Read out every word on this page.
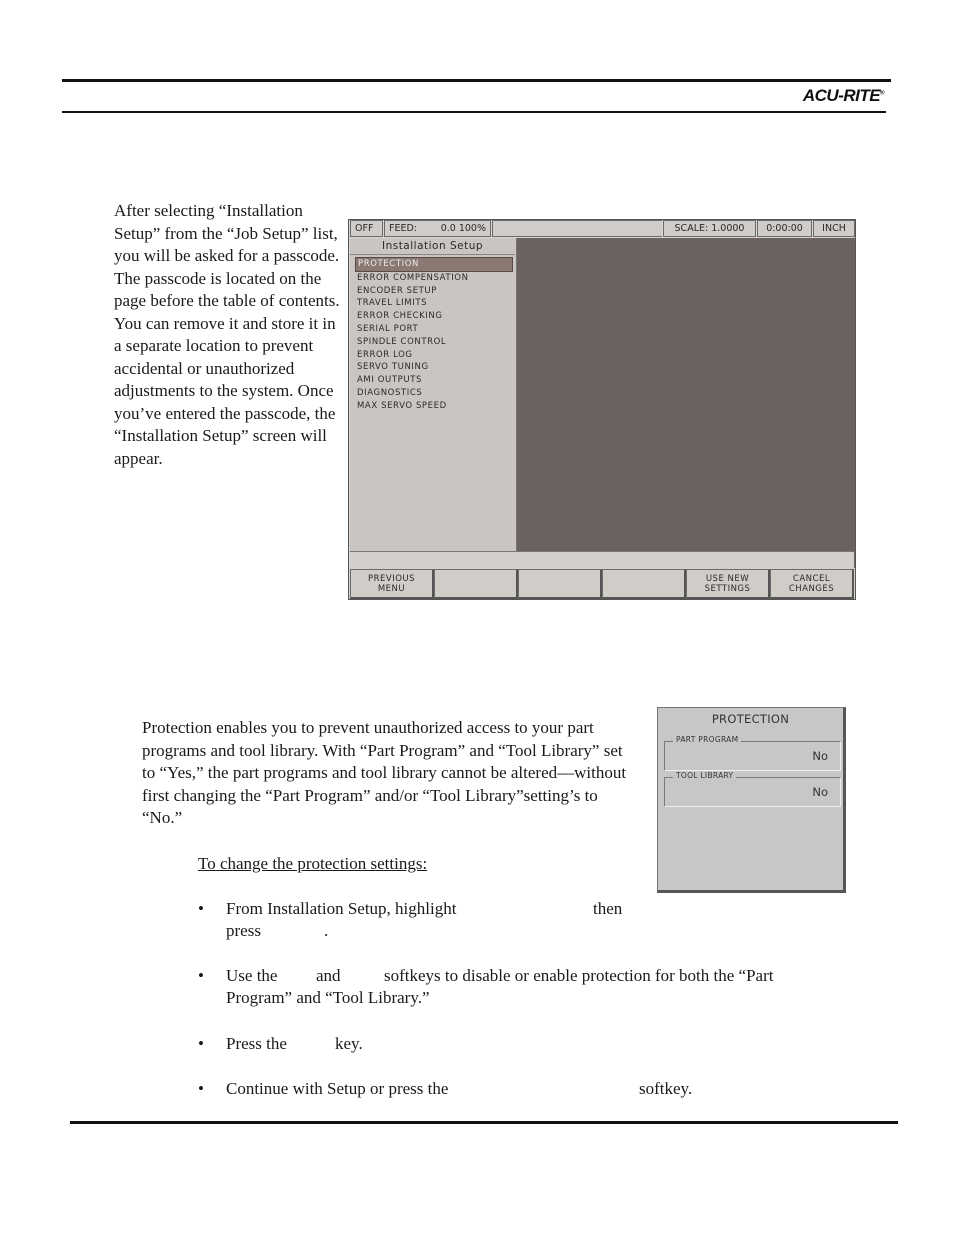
ACU-RITE®
After selecting “Installation Setup” from the “Job Setup” list, you will be asked for a passcode. The passcode is located on the page before the table of contents. You can remove it and store it in a separate location to prevent accidental or unauthorized adjustments to the system. Once you’ve entered the passcode, the “Installation Setup” screen will appear.
OFF	FEED: 0.0 100%	SCALE: 1.0000	0:00:00	INCH
Installation Setup
PROTECTION
ERROR COMPENSATION
ENCODER SETUP
TRAVEL LIMITS
ERROR CHECKING
SERIAL PORT
SPINDLE CONTROL
ERROR LOG
SERVO TUNING
AMI OUTPUTS
DIAGNOSTICS
MAX SERVO SPEED
PREVIOUS
MENU
USE NEW
SETTINGS
CANCEL
CHANGES
Protection enables you to prevent unauthorized access to your part programs and tool library. With “Part Program” and “Tool Library” set to “Yes,” the part programs and tool library cannot be altered—without first changing the “Part Program” and/or “Tool Library”setting’s to “No.”
PROTECTION
PART PROGRAM
No
TOOL LIBRARY
No
To change the protection settings:
• From Installation Setup, highlight	then
press	.
• Use the and	softkeys to disable or enable protection for both the “Part
Program” and “Tool Library.”
• Press the	key.
• Continue with Setup or press the	softkey.
